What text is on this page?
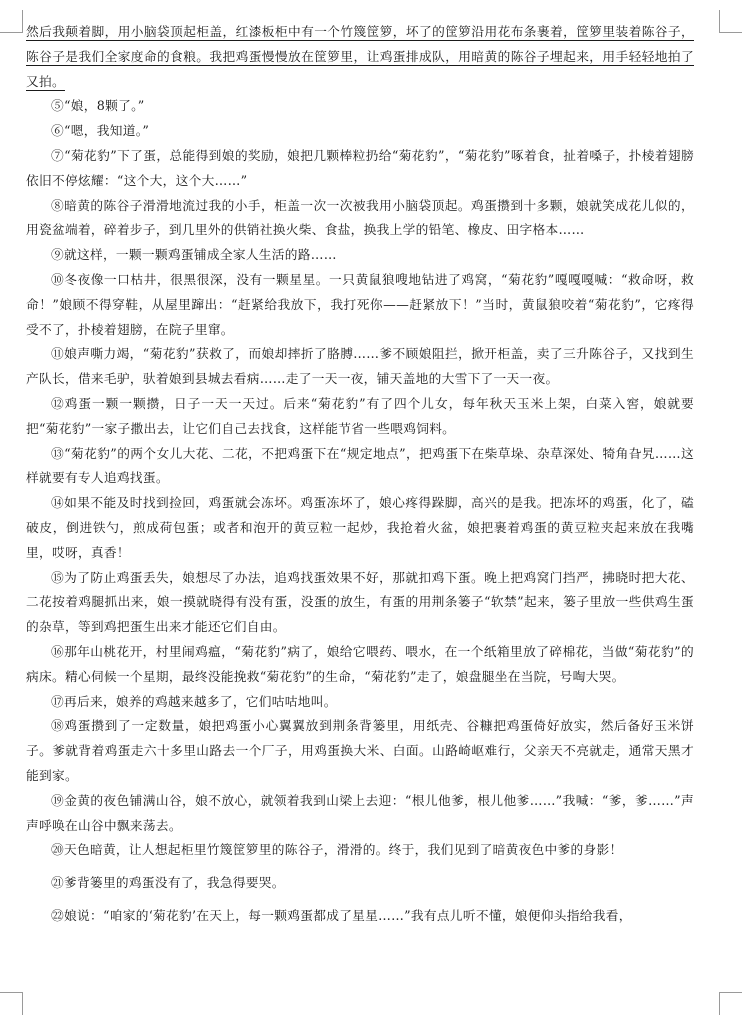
然后我颠着脚，用小脑袋顶起柜盖，红漆板柜中有一个竹篾筐箩，坏了的筐箩沿用花布条裹着，筐箩里装着陈谷子，陈谷子是我们全家度命的食粮。我把鸡蛋慢慢放在筐箩里，让鸡蛋排成队，用暗黄的陈谷子埋起来，用手轻轻地拍了又拍。

⑤“娘，8颗了。”

⑥“嗯，我知道。”

⑦“菊花豹”下了蛋，总能得到娘的奖励，娘把几颗棒粒扔给“菊花豹”，“菊花豹”啄着食，扯着嗓子，扑棱着翅膀依旧不停炫耀：“这个大，这个大……”

⑧暗黄的陈谷子滑滑地流过我的小手，柜盖一次一次被我用小脑袋顶起。鸡蛋攒到十多颗，娘就笑成花儿似的，用瓷盆端着，碎着步子，到几里外的供销社换火柴、食盐，换我上学的铅笔、橡皮、田字格本……

⑨就这样，一颗一颗鸡蛋铺成全家人生活的路……

⑩冬夜像一口枯井，很黑很深，没有一颗星星。一只黄鼠狼嗖地钻进了鸡窝，“菊花豹”嘎嘎嘎喊：“救命呀，救命！”娘顾不得穿鞋，从屋里蹿出：“赶紧给我放下，我打死你——赶紧放下！”当时，黄鼠狼咬着“菊花豹”，它疼得受不了，扑棱着翅膀，在院子里窜。

⑪娘声嘶力竭，“菊花豹”获救了，而娘却摔折了胳膊……爹不顾娘阻拦，掀开柜盖，卖了三升陈谷子，又找到生产队长，借来毛驴，驮着娘到县城去看病……走了一天一夜，铺天盖地的大雪下了一天一夜。

⑫鸡蛋一颗一颗攒，日子一天一天过。后来“菊花豹”有了四个儿女，每年秋天玉米上架，白菜入窖，娘就要把“菊花豹”一家子撒出去，让它们自己去找食，这样能节省一些喂鸡饲料。

⑬“菊花豹”的两个女儿大花、二花，不把鸡蛋下在“规定地点”，把鸡蛋下在柴草垛、杂草深处、犄角旮旯……这样就要有专人追鸡找蛋。

⑭如果不能及时找到捡回，鸡蛋就会冻坏。鸡蛋冻坏了，娘心疼得跺脚，高兴的是我。把冻坏的鸡蛋，化了，磕破皮，倒进铁勺，煎成荷包蛋；或者和泡开的黄豆粒一起炒，我抢着火盆，娘把裹着鸡蛋的黄豆粒夹起来放在我嘴里，哎呀，真香！

⑮为了防止鸡蛋丢失，娘想尽了办法，追鸡找蛋效果不好，那就扣鸡下蛋。晚上把鸡窝门挡严，拂晓时把大花、二花按着鸡腿抓出来，娘一摸就晓得有没有蛋，没蛋的放生，有蛋的用荆条篓子“软禁”起来，篓子里放一些供鸡生蛋的杂草，等到鸡把蛋生出来才能还它们自由。

⑯那年山桃花开，村里闹鸡瘟，“菊花豹”病了，娘给它喂药、喂水，在一个纸箱里放了碎棉花，当做“菊花豹”的病床。精心伺候一个星期，最终没能挽救“菊花豹”的生命，“菊花豹”走了，娘盘腿坐在当院，号啕大哭。

⑰再后来，娘养的鸡越来越多了，它们咕咕地叫。

⑱鸡蛋攒到了一定数量，娘把鸡蛋小心翼翼放到荆条背篓里，用纸壳、谷糠把鸡蛋倚好放实，然后备好玉米饼子。爹就背着鸡蛋走六十多里山路去一个厂子，用鸡蛋换大米、白面。山路崎岖难行，父亲天不亮就走，通常天黑才能到家。

⑲金黄的夜色铺满山谷，娘不放心，就领着我到山梁上去迎：“根儿他爹，根儿他爹……”我喊：“爹，爹……”声声呼唤在山谷中飘来荡去。

⑳天色暗黄，让人想起柜里竹篾筐箩里的陈谷子，滑滑的。终于，我们见到了暗黄夜色中爹的身影！

㉑爹背篓里的鸡蛋没有了，我急得要哭。

㉒娘说：“咱家的‘菊花豹’在天上，每一颗鸡蛋都成了星星……”我有点儿听不懂，娘便仰头指给我看，
